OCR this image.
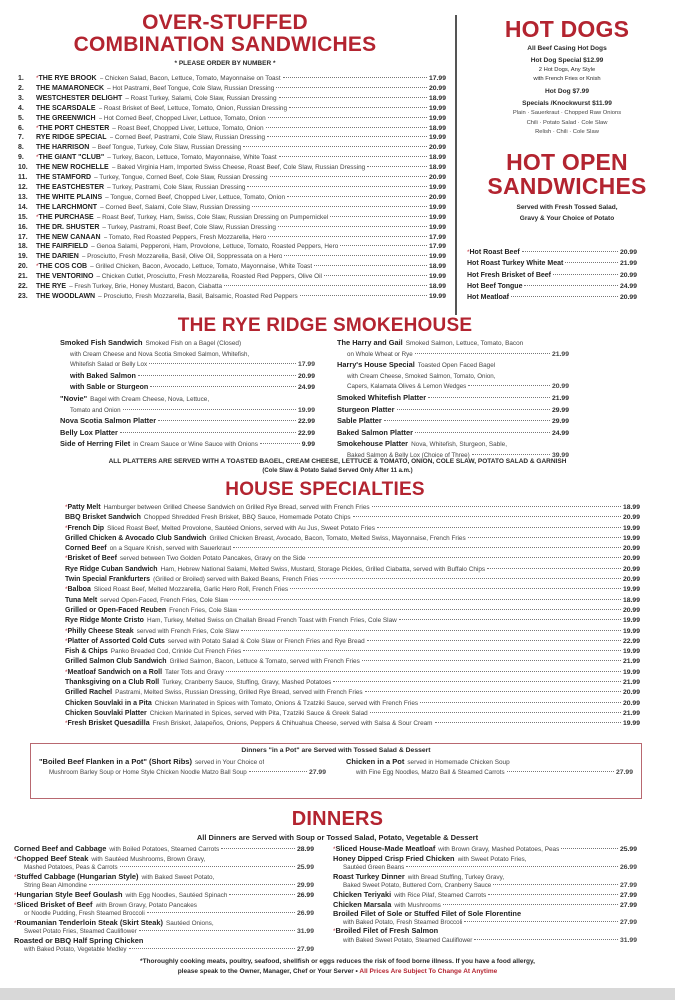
OVER-STUFFED
COMBINATION SANDWICHES
* PLEASE ORDER BY NUMBER *
1.	* THE RYE BROOK – Chicken Salad, Bacon, Lettuce, Tomato, Mayonnaise on Toast	17.99
2.	THE MAMARONECK – Hot Pastrami, Beef Tongue, Cole Slaw, Russian Dressing	20.99
3.	WESTCHESTER DELIGHT – Roast Turkey, Salami, Cole Slaw, Russian Dressing	18.99
4.	THE SCARSDALE – Roast Brisket of Beef, Lettuce, Tomato, Onion, Russian Dressing	19.99
5.	THE GREENWICH – Hot Corned Beef, Chopped Liver, Lettuce, Tomato, Onion	19.99
6.	* THE PORT CHESTER – Roast Beef, Chopped Liver, Lettuce, Tomato, Onion	18.99
7.	RYE RIDGE SPECIAL – Corned Beef, Pastrami, Cole Slaw, Russian Dressing	19.99
8.	THE HARRISON – Beef Tongue, Turkey, Cole Slaw, Russian Dressing	20.99
9.	* THE GIANT "CLUB" – Turkey, Bacon, Lettuce, Tomato, Mayonnaise, White Toast	18.99
10.	THE NEW ROCHELLE – Baked Virginia Ham, Imported Swiss Cheese, Roast Beef, Cole Slaw, Russian Dressing	18.99
11.	THE STAMFORD – Turkey, Tongue, Corned Beef, Cole Slaw, Russian Dressing	20.99
12.	THE EASTCHESTER – Turkey, Pastrami, Cole Slaw, Russian Dressing	19.99
13.	THE WHITE PLAINS – Tongue, Corned Beef, Chopped Liver, Lettuce, Tomato, Onion	20.99
14.	THE LARCHMONT – Corned Beef, Salami, Cole Slaw, Russian Dressing	19.99
15.	* THE PURCHASE – Roast Beef, Turkey, Ham, Swiss, Cole Slaw, Russian Dressing on Pumpernickel	19.99
16.	THE DR. SHUSTER – Turkey, Pastrami, Roast Beef, Cole Slaw, Russian Dressing	19.99
17.	THE NEW CANAAN – Tomato, Red Roasted Peppers, Fresh Mozzarella, Hero	17.99
18.	THE FAIRFIELD – Genoa Salami, Pepperoni, Ham, Provolone, Lettuce, Tomato, Roasted Peppers, Hero	17.99
19.	THE DARIEN – Prosciutto, Fresh Mozzarella, Basil, Olive Oil, Soppressata on a Hero	19.99
20.	* THE COS COB – Grilled Chicken, Bacon, Avocado, Lettuce, Tomato, Mayonnaise, White Toast	18.99
21.	THE VENTORINO – Chicken Cutlet, Prosciutto, Fresh Mozzarella, Roasted Red Peppers, Olive Oil	19.99
22.	THE RYE – Fresh Turkey, Brie, Honey Mustard, Bacon, Ciabatta	18.99
23.	THE WOODLAWN – Prosciutto, Fresh Mozzarella, Basil, Balsamic, Roasted Red Peppers	19.99
HOT DOGS
All Beef Casing Hot Dogs
Hot Dog Special $12.99
2 Hot Dogs, Any Style
with French Fries or Knish
Hot Dog $7.99
Specials /Knockwurst $11.99
Plain · Sauerkraut · Chopped Raw Onions
Chili · Potato Salad · Cole Slaw
Relish · Chili · Cole Slaw
HOT OPEN
SANDWICHES
Served with Fresh Tossed Salad,
Gravy & Your Choice of Potato
* Hot Roast Beef	20.99
Hot Roast Turkey White Meat	21.99
Hot Fresh Brisket of Beef	20.99
Hot Beef Tongue	24.99
Hot Meatloaf	20.99
THE RYE RIDGE SMOKEHOUSE
Smoked Fish Sandwich Smoked Fish on a Bagel (Closed)
with Cream Cheese and Nova Scotia Smoked Salmon, Whitefish,
Whitefish Salad or Belly Lox	17.99
with Baked Salmon	20.99
with Sable or Sturgeon	24.99
"Novie" Bagel with Cream Cheese, Nova, Lettuce,
Tomato and Onion	19.99
Nova Scotia Salmon Platter	22.99
Belly Lox Platter	22.99
Side of Herring Filet in Cream Sauce or Wine Sauce with Onions	9.99
The Harry and Gail Smoked Salmon, Lettuce, Tomato, Bacon
on Whole Wheat or Rye	21.99
Harry's House Special Toasted Open Faced Bagel
with Cream Cheese, Smoked Salmon, Tomato, Onion,
Capers, Kalamata Olives & Lemon Wedges	20.99
Smoked Whitefish Platter	21.99
Sturgeon Platter	29.99
Sable Platter	29.99
Baked Salmon Platter	24.99
Smokehouse Platter Nova, Whitefish, Sturgeon, Sable,
Baked Salmon & Belly Lox (Choice of Three)	39.99
ALL PLATTERS ARE SERVED WITH A TOASTED BAGEL, CREAM CHEESE, LETTUCE & TOMATO, ONION, COLE SLAW, POTATO SALAD & GARNISH
(Cole Slaw & Potato Salad Served Only After 11 a.m.)
HOUSE SPECIALTIES
* Patty Melt Hamburger between Grilled Cheese Sandwich on Grilled Rye Bread, served with French Fries	18.99
BBQ Brisket Sandwich Chopped Shredded Fresh Brisket, BBQ Sauce, Homemade Potato Chips	20.99
* French Dip Sliced Roast Beef, Melted Provolone, Sautéed Onions, served with Au Jus, Sweet Potato Fries	19.99
Grilled Chicken & Avocado Club Sandwich Grilled Chicken Breast, Avocado, Bacon, Tomato, Melted Swiss, Mayonnaise, French Fries	19.99
Corned Beef on a Square Knish, served with Sauerkraut	20.99
* Brisket of Beef served between Two Golden Potato Pancakes, Gravy on the Side	20.99
Rye Ridge Cuban Sandwich Ham, Hebrew National Salami, Melted Swiss, Mustard, Storage Pickles, Grilled Ciabatta, served with Buffalo Chips	20.99
Twin Special Frankfurters (Grilled or Broiled) served with Baked Beans, French Fries	20.99
* Balboa Sliced Roast Beef, Melted Mozzarella, Garlic Hero Roll, French Fries	19.99
Tuna Melt served Open-Faced, French Fries, Cole Slaw	18.99
Grilled or Open-Faced Reuben French Fries, Cole Slaw	20.99
Rye Ridge Monte Cristo Ham, Turkey, Melted Swiss on Challah Bread French Toast with French Fries, Cole Slaw	19.99
* Philly Cheese Steak served with French Fries, Cole Slaw	19.99
* Platter of Assorted Cold Cuts served with Potato Salad & Cole Slaw or French Fries and Rye Bread	22.99
Fish & Chips Panko Breaded Cod, Crinkle Cut French Fries	19.99
Grilled Salmon Club Sandwich Grilled Salmon, Bacon, Lettuce & Tomato, served with French Fries	21.99
* Meatloaf Sandwich on a Roll Tater Tots and Gravy	19.99
Thanksgiving on a Club Roll Turkey, Cranberry Sauce, Stuffing, Gravy, Mashed Potatoes	21.99
Grilled Rachel Pastrami, Melted Swiss, Russian Dressing, Grilled Rye Bread, served with French Fries	20.99
Chicken Souvlaki in a Pita Chicken Marinated in Spices with Tomato, Onions & Tzatziki Sauce, served with French Fries	20.99
Chicken Souvlaki Platter Chicken Marinated in Spices, served with Pita, Tzatziki Sauce & Greek Salad	21.99
* Fresh Brisket Quesadilla Fresh Brisket, Jalapeños, Onions, Peppers & Chihuahua Cheese, served with Salsa & Sour Cream	19.99
Dinners "in a Pot" are Served with Tossed Salad & Dessert
"Boiled Beef Flanken in a Pot" (Short Ribs) served in Your Choice of
Mushroom Barley Soup or Home Style Chicken Noodle Matzo Ball Soup	27.99
Chicken in a Pot served in Homemade Chicken Soup
with Fine Egg Noodles, Matzo Ball & Steamed Carrots	27.99
DINNERS
All Dinners are Served with Soup or Tossed Salad, Potato, Vegetable & Dessert
Corned Beef and Cabbage with Boiled Potatoes, Steamed Carrots	28.99
* Chopped Beef Steak with Sautéed Mushrooms, Brown Gravy,
Mashed Potatoes, Peas & Carrots	25.99
* Stuffed Cabbage (Hungarian Style) with Baked Sweet Potato,
String Bean Almondine	29.99
* Hungarian Style Beef Goulash with Egg Noodles, Sautéed Spinach	26.99
* Sliced Brisket of Beef with Brown Gravy, Potato Pancakes
or Noodle Pudding, Fresh Steamed Broccoli	26.99
* Roumanian Tenderloin Steak (Skirt Steak) Sautéed Onions,
Sweet Potato Fries, Steamed Cauliflower	31.99
Roasted or BBQ Half Spring Chicken
with Baked Potato, Vegetable Medley	27.99
* Sliced House-Made Meatloaf with Brown Gravy, Mashed Potatoes, Peas	25.99
Honey Dipped Crisp Fried Chicken with Sweet Potato Fries,
Sautéed Green Beans	26.99
Roast Turkey Dinner with Bread Stuffing, Turkey Gravy,
Baked Sweet Potato, Buttered Corn, Cranberry Sauce	27.99
Chicken Teriyaki with Rice Pilaf, Steamed Carrots	27.99
Chicken Marsala with Mushrooms	27.99
Broiled Filet of Sole or Stuffed Filet of Sole Florentine
with Baked Potato, Fresh Steamed Broccoli	27.99
* Broiled Filet of Fresh Salmon
with Baked Sweet Potato, Steamed Cauliflower	31.99
*Thoroughly cooking meats, poultry, seafood, shellfish or eggs reduces the risk of food borne illness. If you have a food allergy,
please speak to the Owner, Manager, Chef or Your Server • All Prices Are Subject To Change At Anytime
